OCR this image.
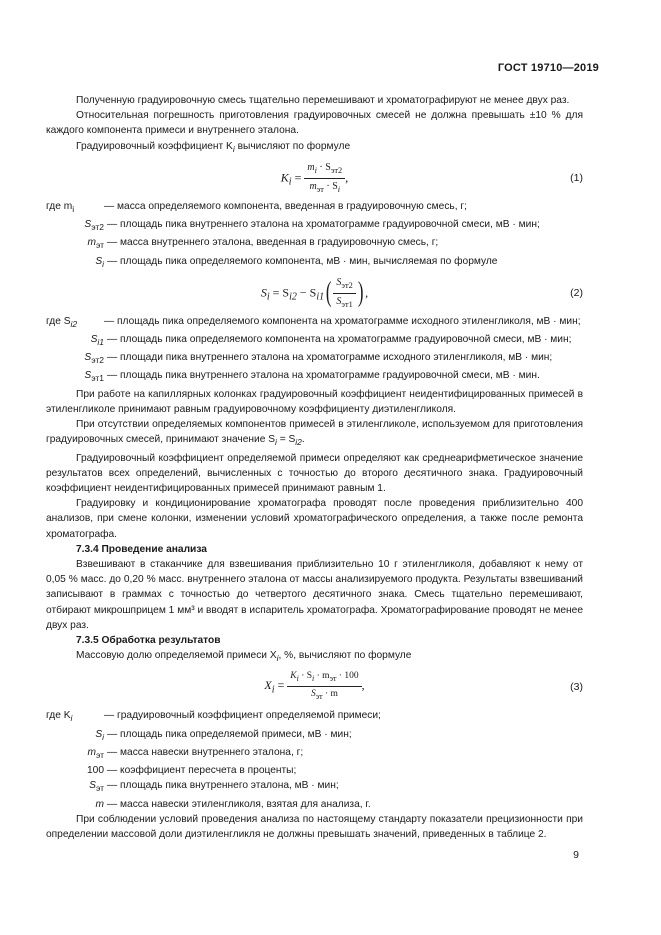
ГОСТ 19710—2019

Полученную градуировочную смесь тщательно перемешивают и хроматографируют не менее двух раз.

Относительная погрешность приготовления градуировочных смесей не должна превышать ±10 % для каждого компонента примеси и внутреннего эталона.

Градуировочный коэффициент $K_i$ вычисляют по формуле

$K_i = \frac{m_i \cdot S_{эт2}}{m_{эт} \cdot S_i}$ ,	(1)
где $m_i$	— масса определяемого компонента, введенная в градуировочную смесь, г;
$S_{эт2}$ — площадь пика внутреннего эталона на хроматограмме градуировочной смеси, мВ · мин;
$m_{эт}$ — масса внутреннего эталона, введенная в градуировочную смесь, г;
$S_i$ — площадь пика определяемого компонента, мВ · мин, вычисляемая по формуле
$S_i = S_{i2} - S_{i1}( \frac{S_{эт2}}{S_{эт1}}$ ) ,	(2)
где $S_{i2}$	— площадь пика определяемого компонента на хроматограмме исходного этиленгликоля, мВ · мин;
$S_{i1}$ — площадь пика определяемого компонента на хроматограмме градуировочной смеси, мВ · мин;
$S_{эт2}$ — площади пика внутреннего эталона на хроматограмме исходного этиленгликоля, мВ · мин;
$S_{эт1}$ — площадь пика внутреннего эталона на хроматограмме градуировочной смеси, мВ · мин.

При работе на капиллярных колонках градуировочный коэффициент неидентифицированных примесей в этиленгликоле принимают равным градуировочному коэффициенту диэтиленгликоля.

При отсутствии определяемых компонентов примесей в этиленгликоле, используемом для приготовления градуировочных смесей, принимают значение $S_i = S_{i2}$.

Градуировочный коэффициент определяемой примеси определяют как среднеарифметическое значение результатов всех определений, вычисленных с точностью до второго десятичного знака. Градуировочный коэффициент неидентифицированных примесей принимают равным 1.

Градуировку и кондиционирование хроматографа проводят после проведения приблизительно 400 анализов, при смене колонки, изменении условий хроматографического определения, а также после ремонта хроматографа.

7.3.4 Проведение анализа

Взвешивают в стаканчике для взвешивания приблизительно 10 г этиленгликоля, добавляют к нему от 0,05 % масс. до 0,20 % масс. внутреннего эталона от массы анализируемого продукта. Результаты взвешиваний записывают в граммах с точностью до четвертого десятичного знака. Смесь тщательно перемешивают, отбирают микрошприцем 1 мм³ и вводят в испаритель хроматографа. Хроматографирование проводят не менее двух раз.

7.3.5 Обработка результатов

Массовую долю определяемой примеси $X_i$, %, вычисляют по формуле

$X_i = \frac{K_i \cdot S_i \cdot m_{эт} \cdot 100}{S_{эт} \cdot m}$ ,	(3)
где $K_i$	— градуировочный коэффициент определяемой примеси;
$S_i$ — площадь пика определяемой примеси, мВ · мин;
$m_{эт}$ — масса навески внутреннего эталона, г;
100 — коэффициент пересчета в проценты;
$S_{эт}$ — площадь пика внутреннего эталона, мВ · мин;
m — масса навески этиленгликоля, взятая для анализа, г.

При соблюдении условий проведения анализа по настоящему стандарту показатели прецизионности при определении массовой доли диэтиленгликля не должны превышать значений, приведенных в таблице 2.

9
